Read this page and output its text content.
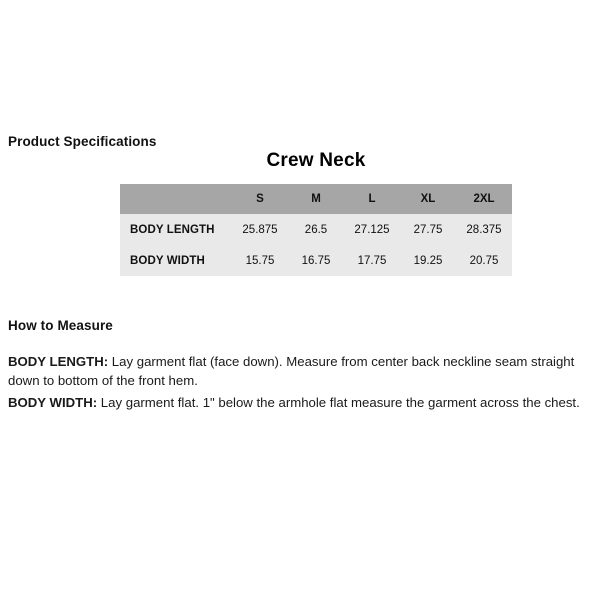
Product Specifications
Crew Neck
	S	M	L	XL	2XL
BODY LENGTH	25.875	26.5	27.125	27.75	28.375
BODY WIDTH	15.75	16.75	17.75	19.25	20.75
How to Measure

BODY LENGTH: Lay garment flat (face down). Measure from center back neckline seam straight down to bottom of the front hem.

BODY WIDTH: Lay garment flat. 1" below the armhole flat measure the garment across the chest.
